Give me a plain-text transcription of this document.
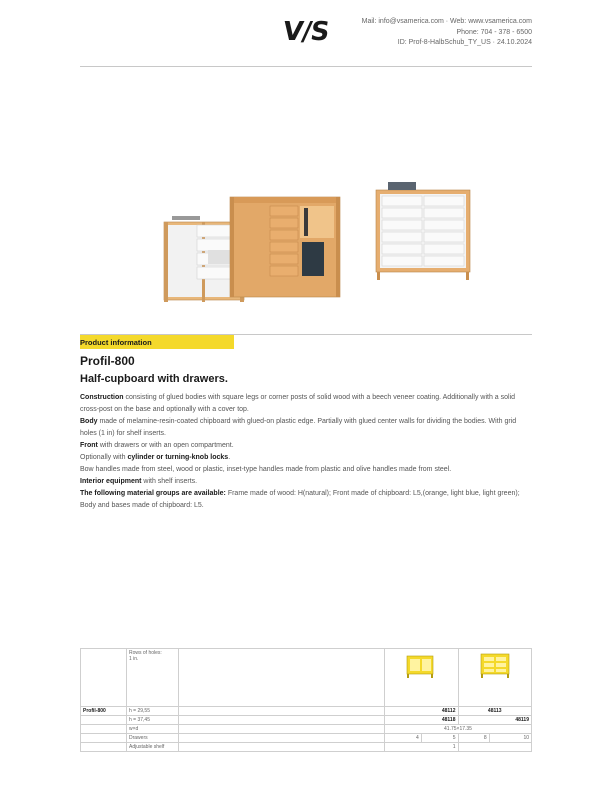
V/S	Mail: info@vsamerica.com · Web: www.vsamerica.com
Phone: 704 - 378 - 6500
ID: Prof-8-HalbSchub_TY_US · 24.10.2024
Product information
Profil-800
Half-cupboard with drawers.
Construction consisting of glued bodies with square legs or corner posts of solid wood with a beech veneer coating. Additionally with a solid cross-post on the base and optionally with a cover top.
Body made of melamine-resin-coated chipboard with glued-on plastic edge. Partially with glued center walls for dividing the bodies. With grid holes (1 in) for shelf inserts.
Front with drawers or with an open compartment.
Optionally with cylinder or turning-knob locks.
Bow handles made from steel, wood or plastic, inset-type handles made from plastic and olive handles made from steel.
Interior equipment with shelf inserts.
The following material groups are available: Frame made of wood: H(natural); Front made of chipboard: L5,(orange, light blue, light green); Body and bases made of chipboard: L5.

	Rows of holes:
1 in.

Profil-800	h = 29,55		48112		48113	
	h = 37,45		48118		48119	
	w×d		41.75×17.35			
	Drawers		4	5	8	10
	Adjustable shelf		1			
